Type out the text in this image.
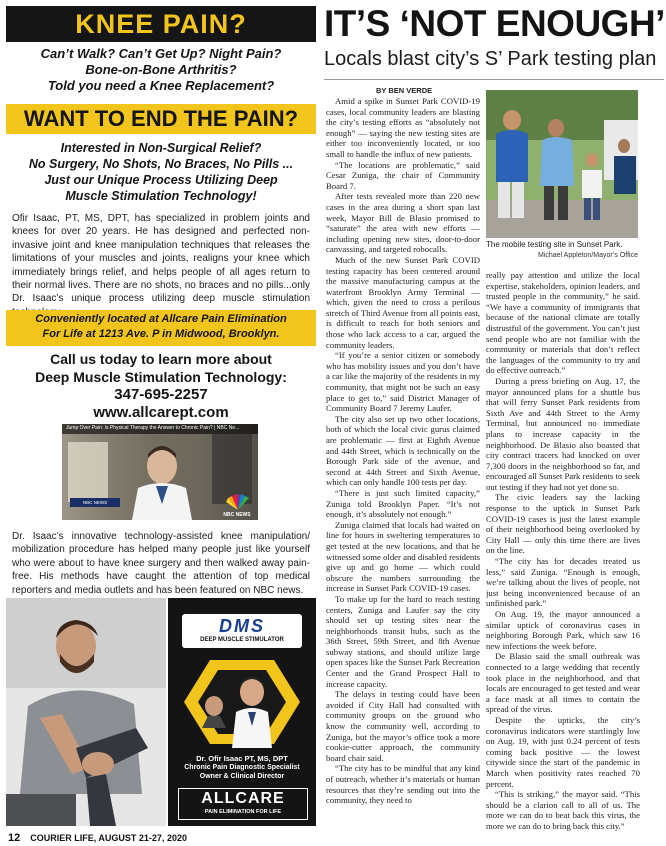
KNEE PAIN?
Can’t Walk? Can’t Get Up? Night Pain?
Bone-on-Bone Arthritis?
Told you need a Knee Replacement?
WANT TO END THE PAIN?
Interested in Non-Surgical Relief?
No Surgery, No Shots, No Braces, No Pills ...
Just our Unique Process Utilizing Deep
Muscle Stimulation Technology!
Ofir Isaac, PT, MS, DPT, has specialized in problem joints and knees for over 20 years. He has designed and perfected non-invasive joint and knee manipulation techniques that releases the limitations of your muscles and joints, realigns your knee which immediately brings relief, and helps people of all ages return to their normal lives. There are no shots, no braces and no pills...only Dr. Isaac’s unique process utilizing deep muscle stimulation
Conveniently located at Allcare Pain Elimination
For Life at 1213 Ave. P in Midwood, Brooklyn.
Call us today to learn more about
Deep Muscle Stimulation Technology:
347-695-2257
www.allcarept.com
Jump Over Pain: Is Physical Therapy the Answer to Chronic Pain? | NBC Ne...
NBC NEWS
NBC NEWS
Dr. Isaac’s innovative technology-assisted knee manipulation/ mobilization procedure has helped many people just like yourself who were about to have knee surgery and then walked away pain-free. His methods have caught the attention of top medical reporters and media outlets and has been featured on NBC news.
DMS
DEEP MUSCLE STIMULATOR
Dr. Ofir Isaac PT, MS, DPT
Chronic Pain Diagnostic Specialist
Owner & Clinical Director
ALLCARE
PAIN ELIMINATION FOR LIFE
IT’S ‘NOT ENOUGH’
Locals blast city’s S’ Park testing plan
BY BEN VERDE

Amid a spike in Sunset Park COVID-19 cases, local community leaders are blasting the city’s testing efforts as “absolutely not enough” — saying the new testing sites are either too inconveniently located, or too small to handle the influx of new patients.

“The locations are problematic,” said Cesar Zuniga, the chair of Community Board 7.

After tests revealed more than 220 new cases in the area during a short span last week, Mayor Bill de Blasio promised to “saturate” the area with new efforts — including opening new sites, door-to-door canvassing, and targeted robocalls.

Much of the new Sunset Park COVID testing capacity has been centered around the massive manufacturing campus at the waterfront Brooklyn Army Terminal — which, given the need to cross a perilous stretch of Third Avenue from all points east, is difficult to reach for both seniors and those who lack access to a car, argued the community leaders.

“If you’re a senior citizen or somebody who has mobility issues and you don’t have a car like the majority of the residents in my community, that might not be such an easy place to get to,” said District Manager of Community Board 7 Jeremy Laufer.

The city also set up two other locations, both of which the local civic gurus claimed are problematic — first at Eighth Avenue and 44th Street, which is technically on the Borough Park side of the avenue, and second at 44th Street and Sixth Avenue, which can only handle 100 tests per day.

“There is just such limited capacity,” Zuniga told Brooklyn Paper. “It’s not enough, it’s absolutely not enough.”

Zuniga claimed that locals had waited on line for hours in sweltering temperatures to get tested at the new locations, and that he witnessed some older and disabled residents give up and go home — which could obscure the numbers surrounding the increase in Sunset Park COVID-19 cases.

To make up for the hard to reach testing centers, Zuniga and Laufer say the city should set up testing sites near the neighborhoods transit hubs, such as the 36th Street, 59th Street, and 8th Avenue subway stations, and should utilize large open spaces like the Sunset Park Recreation Center and the Grand Prospect Hall to increase capacity.

The delays in testing could have been avoided if City Hall had consulted with community groups on the ground who know the community well, according to Zuniga, but the mayor’s office took a more cookie-cutter approach, the community board chair said.

“The city has to be mindful that any kind of outreach, whether it’s materials or human resources that they’re sending out into the community, they need to

The mobile testing site in Sunset Park.
Michael Appleton/Mayor’s Office

really pay attention and utilize the local expertise, stakeholders, opinion leaders, and trusted people in the community,” he said. “We have a community of immigrants that because of the national climate are totally distrustful of the government. You can’t just send people who are not familiar with the community or materials that don’t reflect the languages of the community to try and do effective outreach.”

During a press briefing on Aug. 17, the mayor announced plans for a shuttle bus that will ferry Sunset Park residents from Sixth Ave and 44th Street to the Army Terminal, but announced no immediate plans to increase capacity in the neighborhood. De Blasio also boasted that city contract tracers had knocked on over 7,300 doors in the neighborhood so far, and encouraged all Sunset Park residents to seek out testing if they had not yet done so.

The civic leaders say the lacking response to the uptick in Sunset Park COVID-19 cases is just the latest example of their neighborhood being overlooked by City Hall — only this time there are lives on the line.

“The city has for decades treated us less,” said Zuniga. “Enough is enough, we’re talking about the lives of people, not just being inconvenienced because of an unfinished park.”

On Aug. 19, the mayor announced a similar uptick of coronavirus cases in neighboring Borough Park, which saw 16 new infections the week before.

De Blasio said the small outbreak was connected to a large wedding that recently took place in the neighborhood, and that locals are encouraged to get tested and wear a face mask at all times to contain the spread of the virus.

Despite the upticks, the city’s coronavirus indicators were startlingly low on Aug. 19, with just 0.24 percent of tests coming back positive — the lowest citywide since the start of the pandemic in March when positivity rates reached 70 percent.

“This is striking,” the mayor said. “This should be a clarion call to all of us. The more we can do to beat back this virus, the more we can do to bring back this city.”

12 COURIER LIFE, AUGUST 21-27, 2020
